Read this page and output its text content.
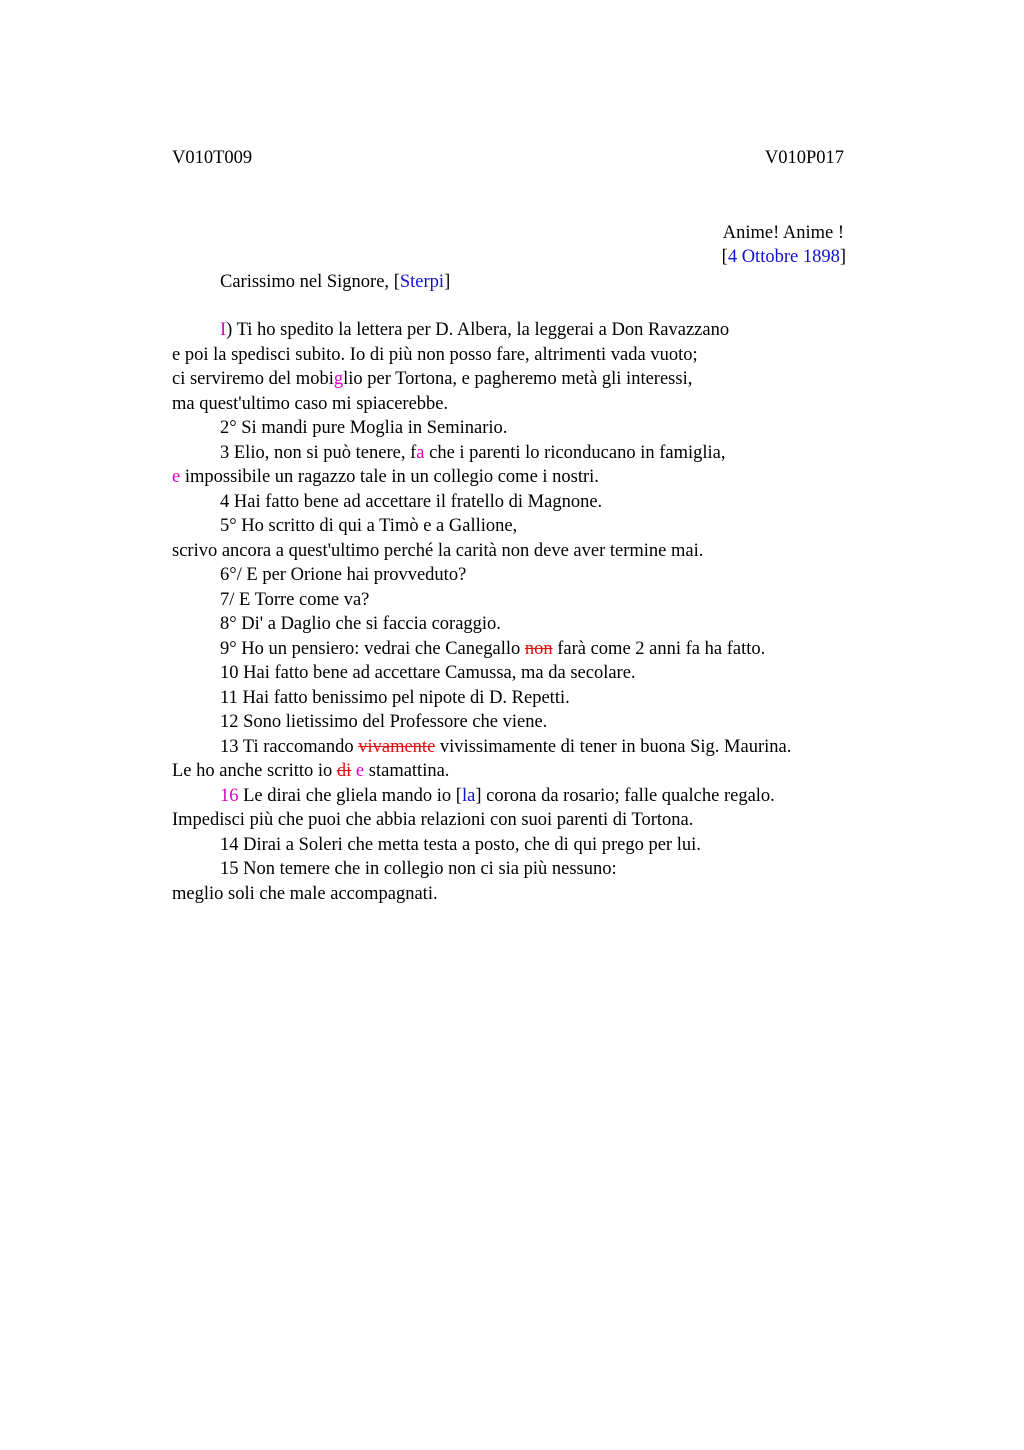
V010T009	V010P017
Anime! Anime !
[4 Ottobre 1898]
Carissimo nel Signore, [Sterpi]
I) Ti ho spedito la lettera per D. Albera, la leggerai a Don Ravazzano
e poi la spedisci subito. Io di più non posso fare, altrimenti vada vuoto;
ci serviremo del mobiglio per Tortona, e pagheremo metà gli interessi,
ma quest'ultimo caso mi spiacerebbe.
2° Si mandi pure Moglia in Seminario.
3 Elio, non si può tenere, fa che i parenti lo riconducano in famiglia,
e impossibile un ragazzo tale in un collegio come i nostri.
4 Hai fatto bene ad accettare il fratello di Magnone.
5° Ho scritto di qui a Timò e a Gallione,
scrivo ancora a quest'ultimo perché la carità non deve aver termine mai.
6°/ E per Orione hai provveduto?
7/ E Torre come va?
8° Di' a Daglio che si faccia coraggio.
9° Ho un pensiero: vedrai che Canegallo non farà come 2 anni fa ha fatto.
10 Hai fatto bene ad accettare Camussa, ma da secolare.
11 Hai fatto benissimo pel nipote di D. Repetti.
12 Sono lietissimo del Professore che viene.
13 Ti raccomando vivamente vivissimamente di tener in buona Sig. Maurina.
Le ho anche scritto io di e stamattina.
16 Le dirai che gliela mando io [la] corona da rosario; falle qualche regalo.
Impedisci più che puoi che abbia relazioni con suoi parenti di Tortona.
14 Dirai a Soleri che metta testa a posto, che di qui prego per lui.
15 Non temere che in collegio non ci sia più nessuno:
meglio soli che male accompagnati.
